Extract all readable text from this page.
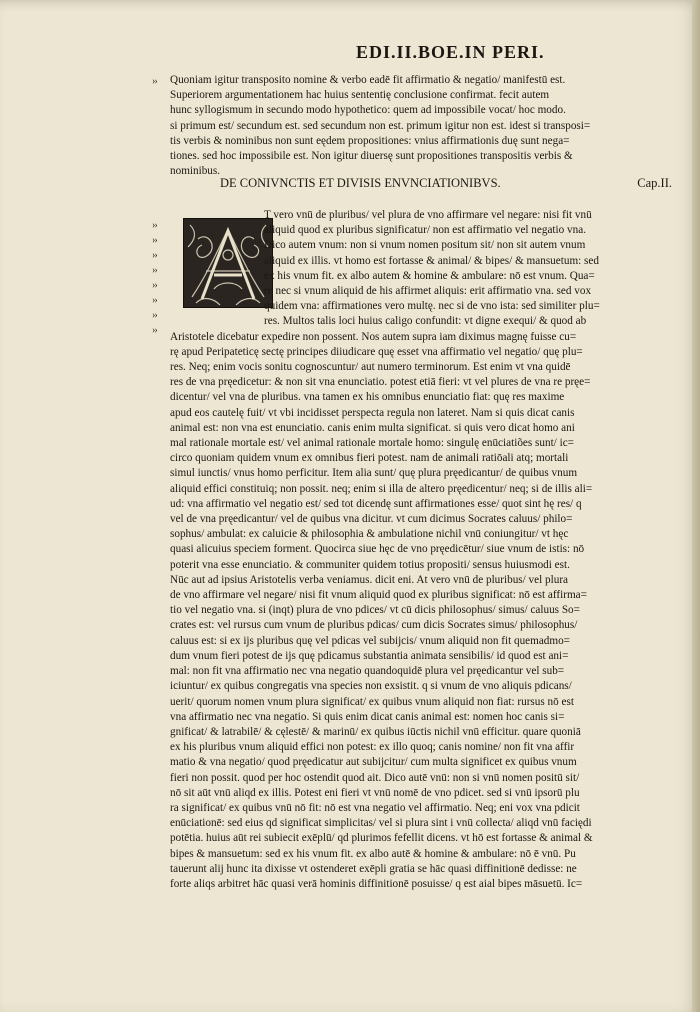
EDI.II.BOE.IN PERI.
›› Quoniam igitur transposito nomine & verbo eadē fit affirmatio & negatio/ manifestū est.
Superiorem argumentationem hac huius sententię conclusione confirmat. fecit autem
hunc syllogismum in secundo modo hypothetico: quem ad impossibile vocat/ hoc modo.
si primum est/ secundum est. sed secundum non est. primum igitur non est. idest si transposi=
tis verbis & nominibus non sunt eędem propositiones: vnius affirmationis duę sunt nega=
tiones. sed hoc impossibile est. Non igitur diuersę sunt propositiones transpositis verbis &
nominibus.
DE CONIVNCTIS ET DIVISIS ENVNCIATIONIBVS.	Cap.II.
››
››
››
››
››
››
››
››
T vero vnū de pluribus/ vel plura de vno affirmare vel negare: nisi fit vnū
aliquid quod ex pluribus significatur/ non est affirmatio vel negatio vna.
Dico autem vnum: non si vnum nomen positum sit/ non sit autem vnum
aliquid ex illis. vt homo est fortasse & animal/ & bipes/ & mansuetum: sed
ex his vnum fit. ex albo autem & homine & ambulare: nō est vnum. Qua=
re nec si vnum aliquid de his affirmet aliquis: erit affirmatio vna. sed vox
quidem vna: affirmationes vero multę. nec si de vno ista: sed similiter plu=
res. Multos talis loci huius caligo confundit: vt digne exequi/ & quod ab
Aristotele dicebatur expedire non possent. Nos autem supra iam diximus magnę fuisse cu=
rę apud Peripateticę sectę principes diiudicare quę esset vna affirmatio vel negatio/ quę plu=
res. Neq; enim vocis sonitu cognoscuntur/ aut numero terminorum. Est enim vt vna quidē
res de vna pręedicetur: & non sit vna enunciatio. potest etiā fieri: vt vel plures de vna re pręe=
dicentur/ vel vna de pluribus. vna tamen ex his omnibus enunciatio fiat: quę res maxime
apud eos cautelę fuit/ vt vbi incidisset perspecta regula non lateret. Nam si quis dicat canis
animal est: non vna est enunciatio. canis enim multa significat. si quis vero dicat homo ani
mal rationale mortale est/ vel animal rationale mortale homo: singulę enūciatiões sunt/ ic=
circo quoniam quidem vnum ex omnibus fieri potest. nam de animali ratiōali atq; mortali
simul iunctis/ vnus homo perficitur. Item alia sunt/ quę plura pręedicantur/ de quibus vnum
aliquid effici constituiq; non possit. neq; enim si illa de altero pręedicentur/ neq; si de illis ali=
ud: vna affirmatio vel negatio est/ sed tot dicendę sunt affirmationes esse/ quot sint hę res/ q
vel de vna pręedicantur/ vel de quibus vna dicitur. vt cum dicimus Socrates caluus/ philo=
sophus/ ambulat: ex caluicie & philosophia & ambulatione nichil vnū coniungitur/ vt hęc
quasi alicuius speciem forment. Quocirca siue hęc de vno pręedicētur/ siue vnum de istis: nō
poterit vna esse enunciatio. & communiter quidem totius propositi/ sensus huiusmodi est.
Nūc aut ad ipsius Aristotelis verba veniamus. dicit eni. At vero vnū de pluribus/ vel plura
de vno affirmare vel negare/ nisi fit vnum aliquid quod ex pluribus significat: nō est affirma=
tio vel negatio vna. si (inqt) plura de vno pdices/ vt cū dicis philosophus/ simus/ caluus So=
crates est: vel rursus cum vnum de pluribus pdicas/ cum dicis Socrates simus/ philosophus/
caluus est: si ex ijs pluribus quę vel pdicas vel subijcis/ vnum aliquid non fit quemadmo=
dum vnum fieri potest de ijs quę pdicamus substantia animata sensibilis/ id quod est ani=
mal: non fit vna affirmatio nec vna negatio quandoquidē plura vel pręedicantur vel sub=
iciuntur/ ex quibus congregatis vna species non exsistit. q si vnum de vno aliquis pdicans/
uerit/ quorum nomen vnum plura significat/ ex quibus vnum aliquid non fiat: rursus nō est
vna affirmatio nec vna negatio. Si quis enim dicat canis animal est: nomen hoc canis si=
gnificat/ & latrabilē/ & cęlestē/ & marinū/ ex quibus iūctis nichil vnū efficitur. quare quoniā
ex his pluribus vnum aliquid effici non potest: ex illo quoq; canis nomine/ non fit vna affir
matio & vna negatio/ quod pręedicatur aut subijcitur/ cum multa significet ex quibus vnum
fieri non possit. quod per hoc ostendit quod ait. Dico autē vnū: non si vnū nomen positū sit/
nō sit aūt vnū aliqd ex illis. Potest eni fieri vt vnū nomē de vno pdicet. sed si vnū ipsorū plu
ra significat/ ex quibus vnū nō fit: nō est vna negatio vel affirmatio. Neq; eni vox vna pdicit
enūciationē: sed eius qd significat simplicitas/ vel si plura sint i vnū collecta/ aliqd vnū faciędi
potētia. huius aūt rei subiecit exēplū/ qd plurimos fefellit dicens. vt hō est fortasse & animal &
bipes & mansuetum: sed ex his vnum fit. ex albo autē & homine & ambulare: nō ē vnū. Pu
tauerunt alij hunc ita dixisse vt ostenderet exēpli gratia se hāc quasi diffinitionē dedisse: ne
forte aliqs arbitret hāc quasi verā hominis diffinitionē posuisse/ q est aial bipes māsuetū. Ic=
